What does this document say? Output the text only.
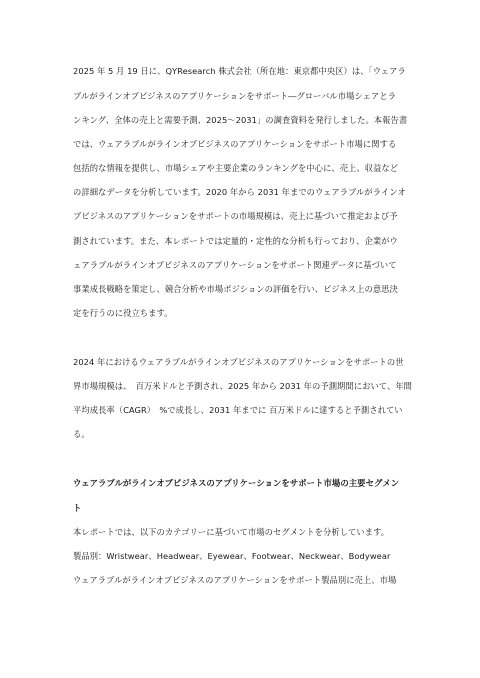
2025 年 5 月 19 日に、QYResearch 株式会社（所在地：東京都中央区）は、「ウェアラ
ブルがラインオブビジネスのアプリケーションをサポート―グローバル市場シェアとラ
ンキング、全体の売上と需要予測、2025～2031」の調査資料を発行しました。本報告書
では、ウェアラブルがラインオブビジネスのアプリケーションをサポート市場に関する
包括的な情報を提供し、市場シェアや主要企業のランキングを中心に、売上、収益など
の詳細なデータを分析しています。2020 年から 2031 年までのウェアラブルがラインオ
ブビジネスのアプリケーションをサポートの市場規模は、売上に基づいて推定および予
測されています。また、本レポートでは定量的・定性的な分析も行っており、企業がウ
ェアラブルがラインオブビジネスのアプリケーションをサポート関連データに基づいて
事業成長戦略を策定し、競合分析や市場ポジションの評価を行い、ビジネス上の意思決
定を行うのに役立ちます。
2024 年におけるウェアラブルがラインオブビジネスのアプリケーションをサポートの世
界市場規模は、　百万米ドルと予測され、2025 年から 2031 年の予測期間において、年間
平均成長率（CAGR）　%で成長し、2031 年までに 百万米ドルに達すると予測されてい
る。
ウェアラブルがラインオブビジネスのアプリケーションをサポート市場の主要セグメン
ト
本レポートでは、以下のカテゴリーに基づいて市場のセグメントを分析しています。
製品別：Wristwear、Headwear、Eyewear、Footwear、Neckwear、Bodywear
ウェアラブルがラインオブビジネスのアプリケーションをサポート製品別に売上、市場
